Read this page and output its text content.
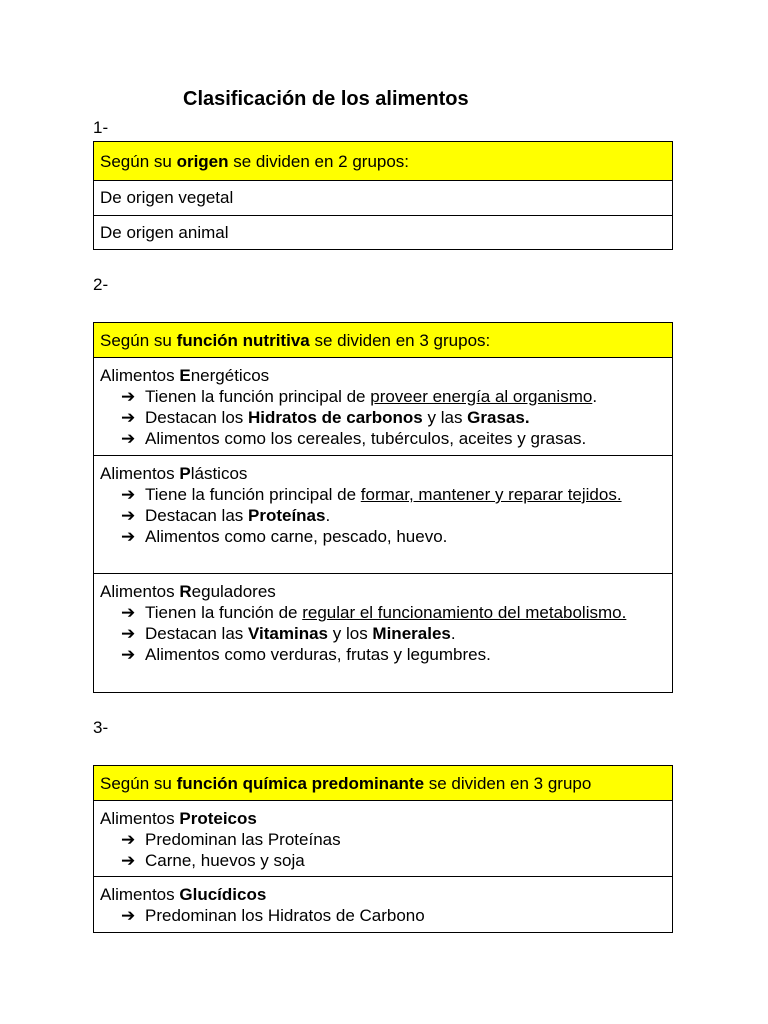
Clasificación de los alimentos
1-
Según su origen se dividen en 2 grupos:
De origen vegetal
De origen animal
2-
Según su función nutritiva se dividen en 3 grupos:

Alimentos Energéticos
➔ Tienen la función principal de proveer energía al organismo.
➔ Destacan los Hidratos de carbonos y las Grasas.
➔ Alimentos como los cereales, tubérculos, aceites y grasas.

Alimentos Plásticos
➔ Tiene la función principal de formar, mantener y reparar tejidos.
➔ Destacan las Proteínas.
➔ Alimentos como carne, pescado, huevo.

Alimentos Reguladores
➔ Tienen la función de regular el funcionamiento del metabolismo.
➔ Destacan las Vitaminas y los Minerales.
➔ Alimentos como verduras, frutas y legumbres.
3-
Según su función química predominante se dividen en 3 grupo

Alimentos Proteicos
➔ Predominan las Proteínas
➔ Carne, huevos y soja

Alimentos Glucídicos
➔ Predominan los Hidratos de Carbono
